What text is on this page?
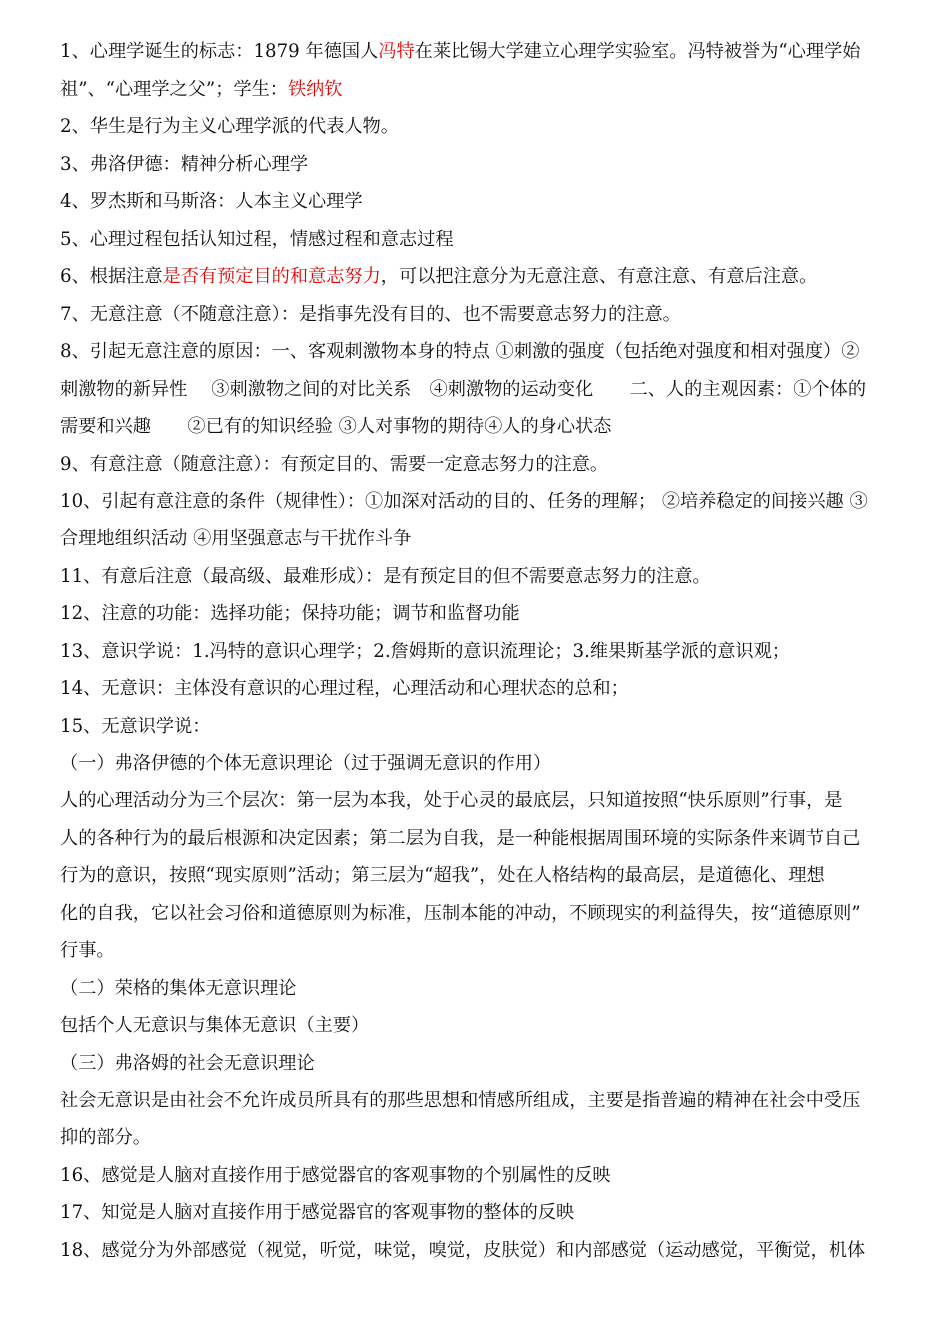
1、心理学诞生的标志：1879 年德国人冯特在莱比锡大学建立心理学实验室。冯特被誉为“心理学始
祖”、“心理学之父”；学生：铁纳钦
2、华生是行为主义心理学派的代表人物。
3、弗洛伊德：精神分析心理学
4、罗杰斯和马斯洛：人本主义心理学
5、心理过程包括认知过程，情感过程和意志过程
6、根据注意是否有预定目的和意志努力，可以把注意分为无意注意、有意注意、有意后注意。
7、无意注意（不随意注意）：是指事先没有目的、也不需要意志努力的注意。
8、引起无意注意的原因：一、客观刺激物本身的特点 ①刺激的强度（包括绝对强度和相对强度）②
刺激物的新异性　 ③刺激物之间的对比关系　④刺激物的运动变化　　二、人的主观因素：①个体的
需要和兴趣　　②已有的知识经验 ③人对事物的期待④人的身心状态
9、有意注意（随意注意）：有预定目的、需要一定意志努力的注意。
10、引起有意注意的条件（规律性）：①加深对活动的目的、任务的理解； ②培养稳定的间接兴趣 ③
合理地组织活动 ④用坚强意志与干扰作斗争
11、有意后注意（最高级、最难形成）：是有预定目的但不需要意志努力的注意。
12、注意的功能：选择功能；保持功能；调节和监督功能
13、意识学说：1.冯特的意识心理学；2.詹姆斯的意识流理论；3.维果斯基学派的意识观；
14、无意识：主体没有意识的心理过程，心理活动和心理状态的总和；
15、无意识学说：
（一）弗洛伊德的个体无意识理论（过于强调无意识的作用）
人的心理活动分为三个层次：第一层为本我，处于心灵的最底层，只知道按照“快乐原则”行事，是
人的各种行为的最后根源和决定因素；第二层为自我，是一种能根据周围环境的实际条件来调节自己
行为的意识，按照“现实原则”活动；第三层为“超我”，处在人格结构的最高层，是道德化、理想
化的自我，它以社会习俗和道德原则为标准，压制本能的冲动，不顾现实的利益得失，按“道德原则”
行事。
（二）荣格的集体无意识理论
包括个人无意识与集体无意识（主要）
（三）弗洛姆的社会无意识理论
社会无意识是由社会不允许成员所具有的那些思想和情感所组成，主要是指普遍的精神在社会中受压
抑的部分。
16、感觉是人脑对直接作用于感觉器官的客观事物的个别属性的反映
17、知觉是人脑对直接作用于感觉器官的客观事物的整体的反映
18、感觉分为外部感觉（视觉，听觉，味觉，嗅觉，皮肤觉）和内部感觉（运动感觉，平衡觉，机体
